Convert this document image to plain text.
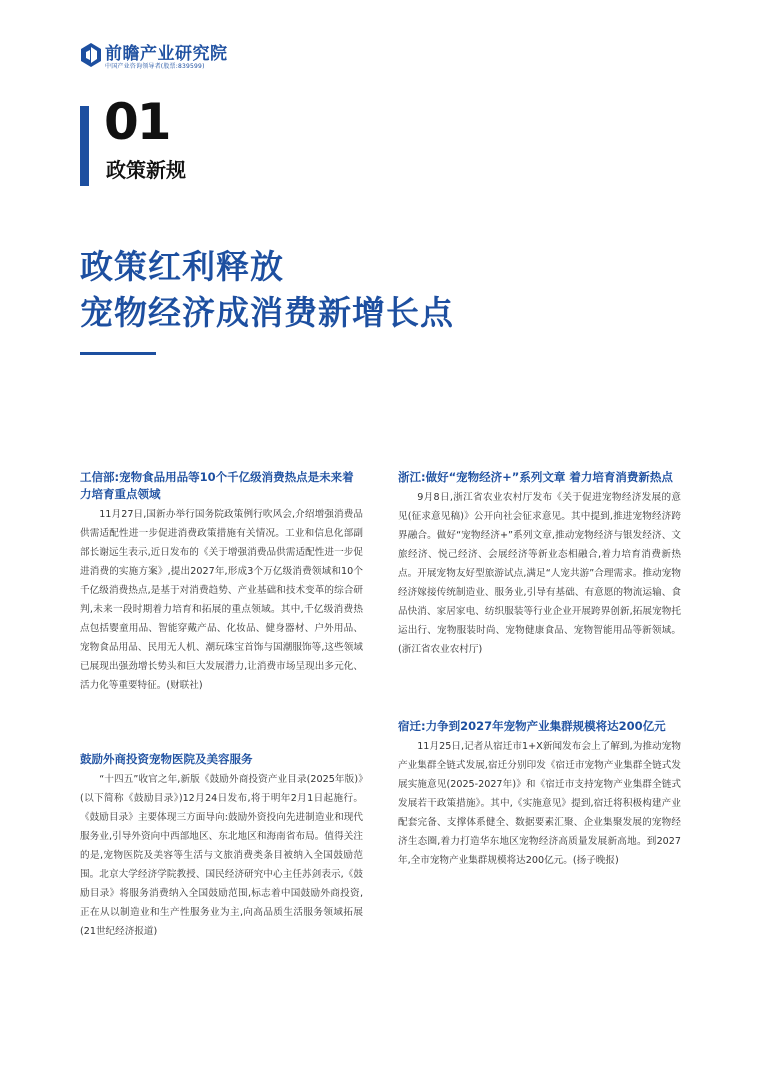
前瞻产业研究院
中国产业咨询领导者(股票:839599)
01
政策新规
政策红利释放
宠物经济成消费新增长点

工信部:宠物食品用品等10个千亿级消费热点是未来着力培育重点领域

11月27日,国新办举行国务院政策例行吹风会,介绍增强消费品供需适配性进一步促进消费政策措施有关情况。工业和信息化部副部长谢远生表示,近日发布的《关于增强消费品供需适配性进一步促进消费的实施方案》,提出2027年,形成3个万亿级消费领域和10个千亿级消费热点,是基于对消费趋势、产业基础和技术变革的综合研判,未来一段时期着力培育和拓展的重点领域。其中,千亿级消费热点包括婴童用品、智能穿戴产品、化妆品、健身器材、户外用品、宠物食品用品、民用无人机、潮玩珠宝首饰与国潮服饰等,这些领域已展现出强劲增长势头和巨大发展潜力,让消费市场呈现出多元化、活力化等重要特征。(财联社)

鼓励外商投资宠物医院及美容服务

“十四五”收官之年,新版《鼓励外商投资产业目录(2025年版)》(以下简称《鼓励目录》)12月24日发布,将于明年2月1日起施行。《鼓励目录》主要体现三方面导向:鼓励外资投向先进制造业和现代服务业,引导外资向中西部地区、东北地区和海南省布局。值得关注的是,宠物医院及美容等生活与文旅消费类条目被纳入全国鼓励范围。北京大学经济学院教授、国民经济研究中心主任苏剑表示,《鼓励目录》将服务消费纳入全国鼓励范围,标志着中国鼓励外商投资,正在从以制造业和生产性服务业为主,向高品质生活服务领域拓展(21世纪经济报道)

浙江:做好“宠物经济+”系列文章 着力培育消费新热点

9月8日,浙江省农业农村厅发布《关于促进宠物经济发展的意见(征求意见稿)》公开向社会征求意见。其中提到,推进宠物经济跨界融合。做好“宠物经济+”系列文章,推动宠物经济与银发经济、文旅经济、悦己经济、会展经济等新业态相融合,着力培育消费新热点。开展宠物友好型旅游试点,满足“人宠共游”合理需求。推动宠物经济嫁接传统制造业、服务业,引导有基础、有意愿的物流运输、食品快消、家居家电、纺织服装等行业企业开展跨界创新,拓展宠物托运出行、宠物服装时尚、宠物健康食品、宠物智能用品等新领域。(浙江省农业农村厅)

宿迁:力争到2027年宠物产业集群规模将达200亿元

11月25日,记者从宿迁市1+X新闻发布会上了解到,为推动宠物产业集群全链式发展,宿迁分别印发《宿迁市宠物产业集群全链式发展实施意见(2025-2027年)》和《宿迁市支持宠物产业集群全链式发展若干政策措施》。其中,《实施意见》提到,宿迁将积极构建产业配套完备、支撑体系健全、数据要素汇聚、企业集聚发展的宠物经济生态圈,着力打造华东地区宠物经济高质量发展新高地。到2027年,全市宠物产业集群规模将达200亿元。(扬子晚报)
